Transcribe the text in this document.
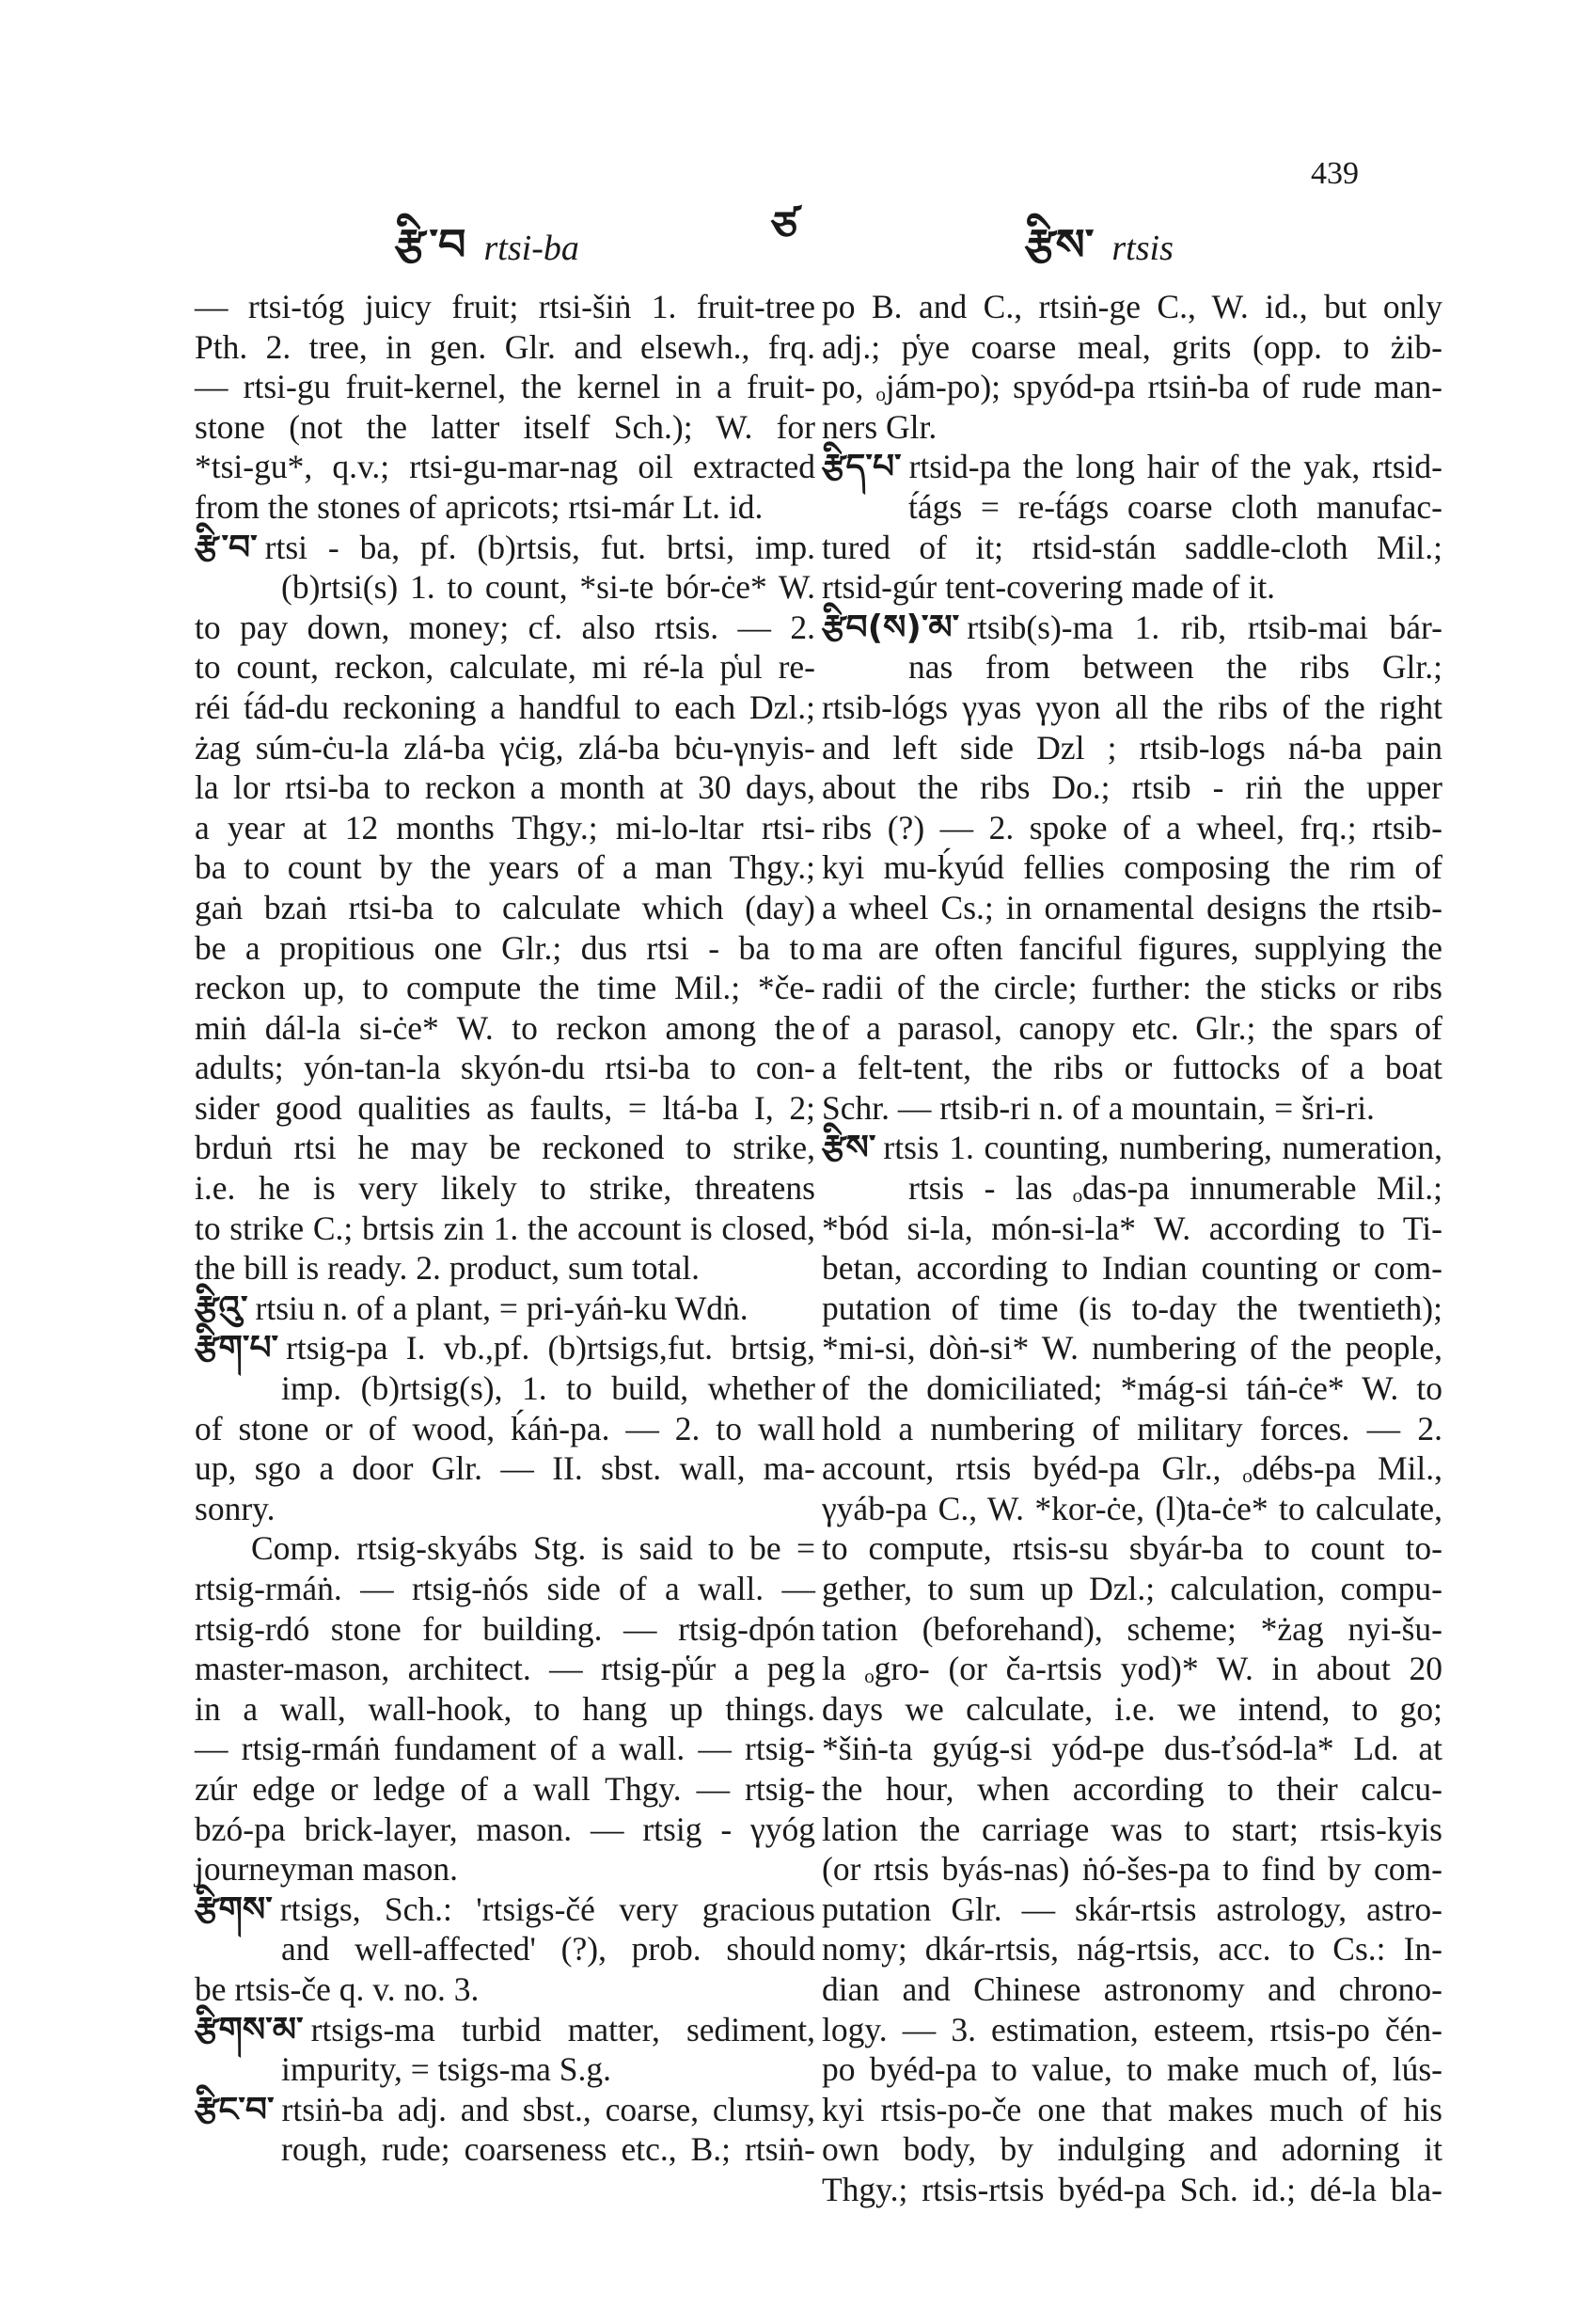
རྩི་བ rtsi-ba	ཙ	རྩིས་ rtsis
439
— rtsi-tóg juicy fruit; rtsi-šiṅ 1. fruit-tree
Pth. 2. tree, in gen. Glr. and elsewh., frq.
— rtsi-gu fruit-kernel, the kernel in a fruit-
stone (not the latter itself Sch.); W. for
*tsi-gu*, q.v.; rtsi-gu-mar-nag oil extracted
from the stones of apricots; rtsi-már Lt. id.
རྩི་བ་ rtsi - ba, pf. (b)rtsis, fut. brtsi, imp.
(b)rtsi(s) 1. to count, *si-te bór-ċe* W.
to pay down, money; cf. also rtsis. — 2.
to count, reckon, calculate, mi ré-la p̔ul re-
réi t́ád-du reckoning a handful to each Dzl.;
żag súm-ċu-la zlá-ba γċig, zlá-ba bċu-γnyis-
la lor rtsi-ba to reckon a month at 30 days,
a year at 12 months Thgy.; mi-lo-ltar rtsi-
ba to count by the years of a man Thgy.;
gaṅ bzaṅ rtsi-ba to calculate which (day)
be a propitious one Glr.; dus rtsi - ba to
reckon up, to compute the time Mil.; *če-
miṅ dál-la si-ċe* W. to reckon among the
adults; yón-tan-la skyón-du rtsi-ba to con-
sider good qualities as faults, = ltá-ba I, 2;
brduṅ rtsi he may be reckoned to strike,
i.e. he is very likely to strike, threatens
to strike C.; brtsis zin 1. the account is closed,
the bill is ready. 2. product, sum total.
རྩིའུ་ rtsiu n. of a plant, = pri-yáṅ-ku Wdṅ.
རྩིག་པ་ rtsig-pa I. vb.,pf. (b)rtsigs,fut. brtsig,
imp. (b)rtsig(s), 1. to build, whether
of stone or of wood, ḱáṅ-pa. — 2. to wall
up, sgo a door Glr. — II. sbst. wall, ma-
sonry.
Comp. rtsig-skyábs Stg. is said to be =
rtsig-rmáṅ. — rtsig-ṅós side of a wall. —
rtsig-rdó stone for building. — rtsig-dpón
master-mason, architect. — rtsig-p̔úr a peg
in a wall, wall-hook, to hang up things.
— rtsig-rmáṅ fundament of a wall. — rtsig-
zúr edge or ledge of a wall Thgy. — rtsig-
bzó-pa brick-layer, mason. — rtsig - γyóg
journeyman mason.
རྩིགས་ rtsigs, Sch.: 'rtsigs-čé very gracious
and well-affected' (?), prob. should
be rtsis-če q. v. no. 3.
རྩིགས་མ་ rtsigs-ma turbid matter, sediment,
impurity, = tsigs-ma S.g.
རྩིང་བ་ rtsiṅ-ba adj. and sbst., coarse, clumsy,
rough, rude; coarseness etc., B.; rtsiṅ-
po B. and C., rtsiṅ-ge C., W. id., but only
adj.; p̔ye coarse meal, grits (opp. to żib-
po, ₒjám-po); spyód-pa rtsiṅ-ba of rude man-
ners Glr.
རྩིད་པ་ rtsid-pa the long hair of the yak, rtsid-
t́ágs = re-t́ágs coarse cloth manufac-
tured of it; rtsid-stán saddle-cloth Mil.;
rtsid-gúr tent-covering made of it.
རྩིབ(ས)་མ་ rtsib(s)-ma 1. rib, rtsib-mai bár-
nas from between the ribs Glr.;
rtsib-lógs γyas γyon all the ribs of the right
and left side Dzl ; rtsib-logs ná-ba pain
about the ribs Do.; rtsib - riṅ the upper
ribs (?) — 2. spoke of a wheel, frq.; rtsib-
kyi mu-ḱyúd fellies composing the rim of
a wheel Cs.; in ornamental designs the rtsib-
ma are often fanciful figures, supplying the
radii of the circle; further: the sticks or ribs
of a parasol, canopy etc. Glr.; the spars of
a felt-tent, the ribs or futtocks of a boat
Schr. — rtsib-ri n. of a mountain, = šri-ri.
རྩིས་ rtsis 1. counting, numbering, numeration,
rtsis - las ₒdas-pa innumerable Mil.;
*bód si-la, món-si-la* W. according to Ti-
betan, according to Indian counting or com-
putation of time (is to-day the twentieth);
*mi-si, dòṅ-si* W. numbering of the people,
of the domiciliated; *mág-si táṅ-ċe* W. to
hold a numbering of military forces. — 2.
account, rtsis byéd-pa Glr., ₒdébs-pa Mil.,
γyáb-pa C., W. *kor-ċe, (l)ta-ċe* to calculate,
to compute, rtsis-su sbyár-ba to count to-
gether, to sum up Dzl.; calculation, compu-
tation (beforehand), scheme; *żag nyi-šu-
la ₒgro- (or ča-rtsis yod)* W. in about 20
days we calculate, i.e. we intend, to go;
*šiṅ-ta gyúg-si yód-pe dus-ťsód-la* Ld. at
the hour, when according to their calcu-
lation the carriage was to start; rtsis-kyis
(or rtsis byás-nas) ṅó-šes-pa to find by com-
putation Glr. — skár-rtsis astrology, astro-
nomy; dkár-rtsis, nág-rtsis, acc. to Cs.: In-
dian and Chinese astronomy and chrono-
logy. — 3. estimation, esteem, rtsis-po čén-
po byéd-pa to value, to make much of, lús-
kyi rtsis-po-če one that makes much of his
own body, by indulging and adorning it
Thgy.; rtsis-rtsis byéd-pa Sch. id.; dé-la bla-
